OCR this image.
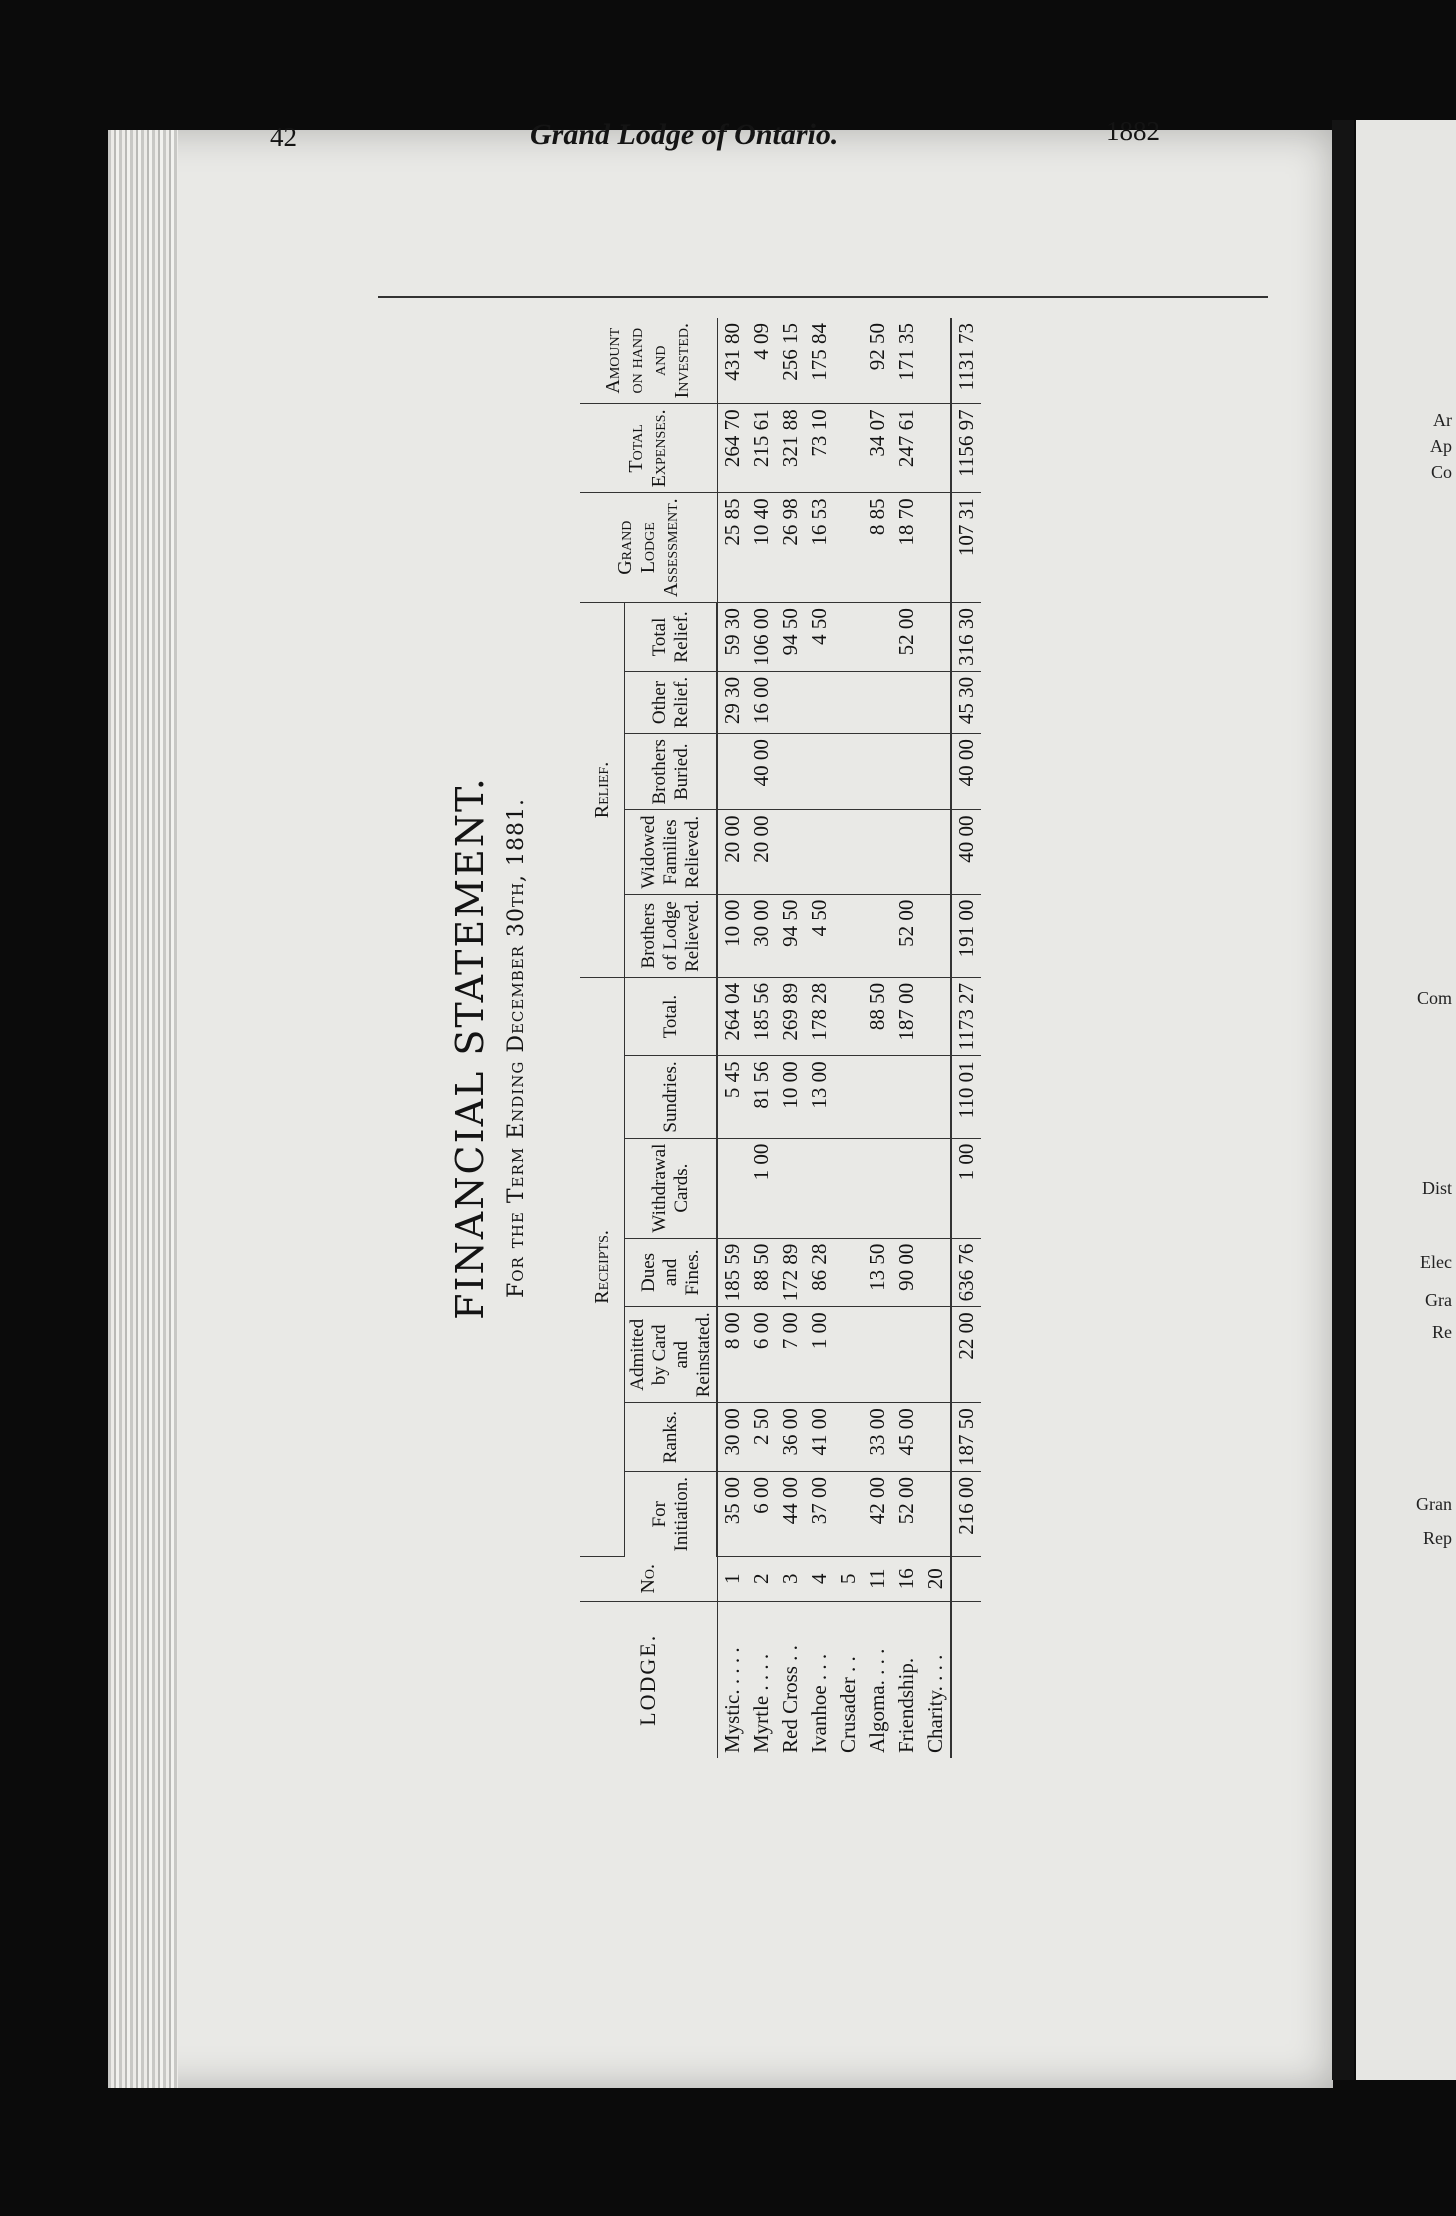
Ar
Ap
Co
Com
Dist
Elec
Gra
Re
Gran
Rep
42	Grand Lodge of Ontario.	1882
FINANCIAL STATEMENT. For the Term Ending December 30th, 1881.
LODGE.	No.	Receipts.							Relief.					Grand Lodge Assessment.	Total Expenses.	Amount on hand and Invested.
		For Initiation.	Ranks.	Admitted by Card and Reinstated.	Dues and Fines.	Withdrawal Cards.	Sundries.	Total.	Brothers of Lodge Relieved.	Widowed Families Relieved.	Brothers Buried.	Other Relief.	Total Relief.			
Mystic. . . . .	1	35 00	30 00	8 00	185 59		5 45	264 04	10 00	20 00		29 30	59 30	25 85	264 70	431 80
Myrtle . . . .	2	6 00	2 50	6 00	88 50	1 00	81 56	185 56	30 00	20 00	40 00	16 00	106 00	10 40	215 61	4 09
Red Cross . .	3	44 00	36 00	7 00	172 89		10 00	269 89	94 50				94 50	26 98	321 88	256 15
Ivanhoe . . .	4	37 00	41 00	1 00	86 28		13 00	178 28	4 50				4 50	16 53	73 10	175 84
Crusader . .	5															
Algoma. . . .	11	42 00	33 00		13 50			88 50						8 85	34 07	92 50
Friendship.	16	52 00	45 00		90 00			187 00	52 00				52 00	18 70	247 61	171 35
Charity. . . .	20															
		216 00	187 50	22 00	636 76	1 00	110 01	1173 27	191 00	40 00	40 00	45 30	316 30	107 31	1156 97	1131 73
